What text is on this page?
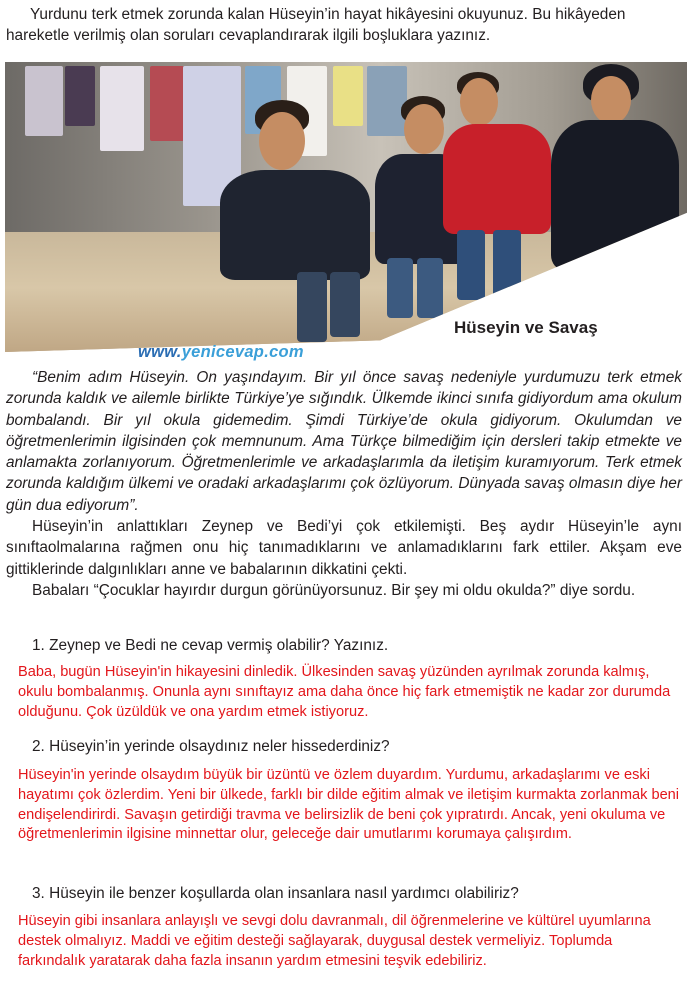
Yurdunu terk etmek zorunda kalan Hüseyin’in hayat hikâyesini okuyunuz. Bu hikâyeden
hareketle verilmiş olan soruları cevaplandırarak ilgili boşluklara yazınız.
Hüseyin ve Savaş
www.yenicevap.com

“Benim adım Hüseyin. On yaşındayım. Bir yıl önce savaş nedeniyle yurdumuzu terk etmek zorunda kaldık ve ailemle birlikte Türkiye’ye sığındık. Ülkemde ikinci sınıfa gidiyordum ama okulum bombalandı. Bir yıl okula gidemedim. Şimdi Türkiye’de okula gidiyorum. Okulumdan ve öğretmenlerimin ilgisinden çok memnunum. Ama Türkçe bilmediğim için dersleri takip etmekte ve anlamakta zorlanıyorum. Öğretmenlerimle ve arkadaşlarımla da iletişim kuramıyorum. Terk etmek zorunda kaldığım ülkemi ve oradaki arkadaşlarımı çok özlüyorum. Dünyada savaş olmasın diye her gün dua ediyorum”.

Hüseyin’in anlattıkları Zeynep ve Bedi’yi çok etkilemişti. Beş aydır Hüseyin’le aynı sınıftaolmalarına rağmen onu hiç tanımadıklarını ve anlamadıklarını fark ettiler. Akşam eve gittiklerinde dalgınlıkları anne ve babalarının dikkatini çekti.

Babaları “Çocuklar hayırdır durgun görünüyorsunuz. Bir şey mi oldu okulda?” diye sordu.

1. Zeynep ve Bedi ne cevap vermiş olabilir? Yazınız.
Baba, bugün Hüseyin'in hikayesini dinledik. Ülkesinden savaş yüzünden ayrılmak zorunda kalmış, okulu bombalanmış. Onunla aynı sınıftayız ama daha önce hiç fark etmemiştik ne kadar zor durumda olduğunu. Çok üzüldük ve ona yardım etmek istiyoruz.
2. Hüseyin’in yerinde olsaydınız neler hissederdiniz?
Hüseyin'in yerinde olsaydım büyük bir üzüntü ve özlem duyardım. Yurdumu, arkadaşlarımı ve eski hayatımı çok özlerdim. Yeni bir ülkede, farklı bir dilde eğitim almak ve iletişim kurmakta zorlanmak beni endişelendirirdi. Savaşın getirdiği travma ve belirsizlik de beni çok yıpratırdı. Ancak, yeni okuluma ve öğretmenlerimin ilgisine minnettar olur, geleceğe dair umutlarımı korumaya çalışırdım.
3. Hüseyin ile benzer koşullarda olan insanlara nasıl yardımcı olabiliriz?
Hüseyin gibi insanlara anlayışlı ve sevgi dolu davranmalı, dil öğrenmelerine ve kültürel uyumlarına destek olmalıyız. Maddi ve eğitim desteği sağlayarak, duygusal destek vermeliyiz. Toplumda farkındalık yaratarak daha fazla insanın yardım etmesini teşvik edebiliriz.
